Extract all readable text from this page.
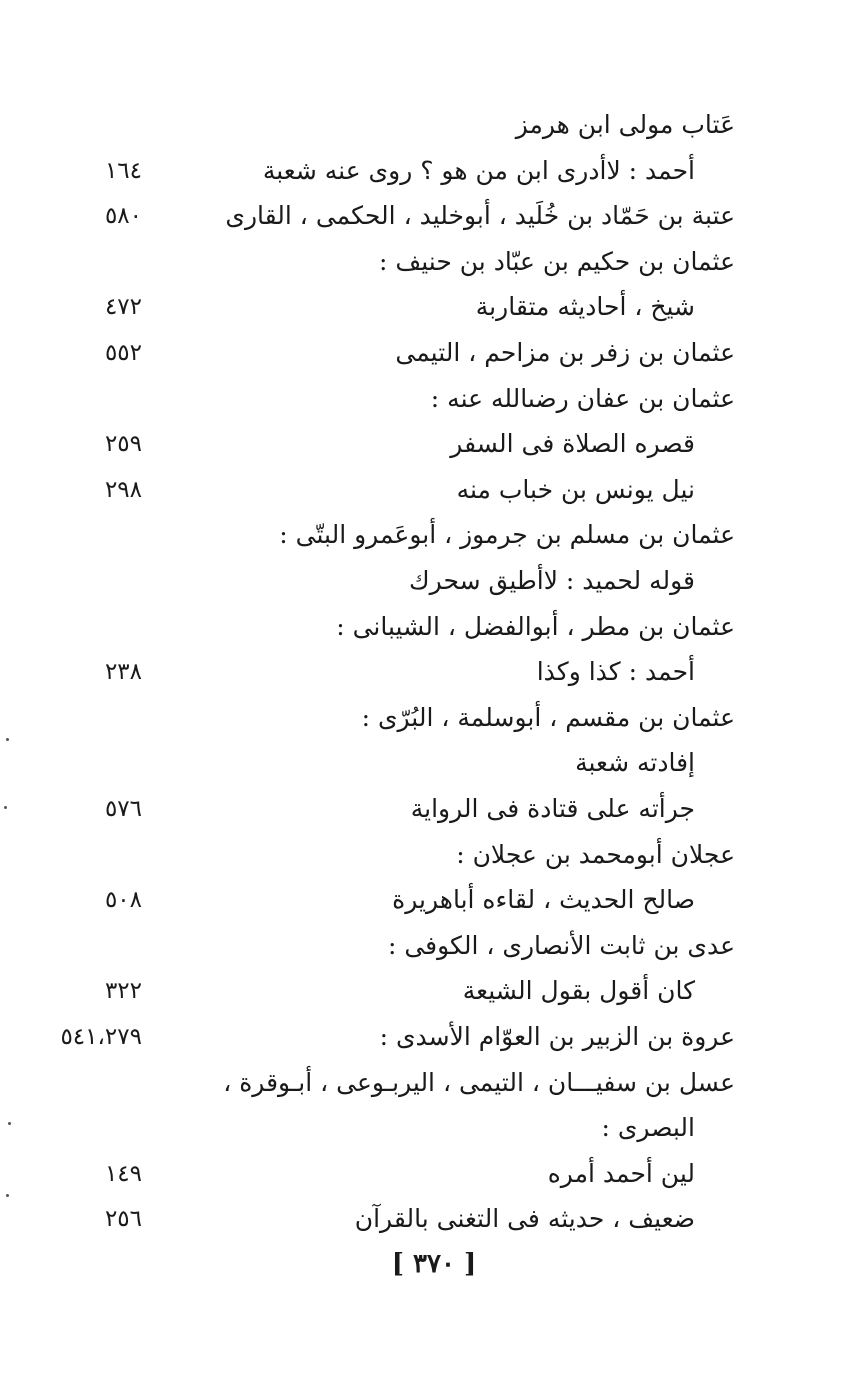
عَتاب مولى ابن هرمز
أحمد : لاأدرى ابن من هو ؟ روى عنه شعبة
١٦٤
عتبة بن حَمّاد بن خُلَيد ، أبوخليد ، الحكمى ، القارى
٥٨٠
عثمان بن حكيم بن عبّاد بن حنيف :
شيخ ، أحاديثه متقاربة
٤٧٢
عثمان بن زفر بن مزاحم ، التيمى
٥٥٢
عثمان بن عفان رضىالله عنه :
قصره الصلاة فى السفر
٢٥٩
نيل يونس بن خباب منه
٢٩٨
عثمان بن مسلم بن جرموز ، أبوعَمرو البتّى :
قوله لحميد : لاأطيق سحرك
عثمان بن مطر ، أبوالفضل ، الشيبانى :
أحمد : كذا وكذا
٢٣٨
عثمان بن مقسم ، أبوسلمة ، البُرّى :
إفادته شعبة
جرأته على قتادة فى الرواية
٥٧٦
عجلان أبومحمد بن عجلان :
صالح الحديث ، لقاءه أباهريرة
٥٠٨
عدى بن ثابت الأنصارى ، الكوفى :
كان أقول بقول الشيعة
٣٢٢
عروة بن الزبير بن العوّام الأسدى :
٥٤١،٢٧٩
عسل بن سفيـــان ، التيمى ، اليربـوعى ، أبـوقرة ،
البصرى :
لين أحمد أمره
١٤٩
ضعيف ، حديثه فى التغنى بالقرآن
٢٥٦
[ ٣٧٠ ]
